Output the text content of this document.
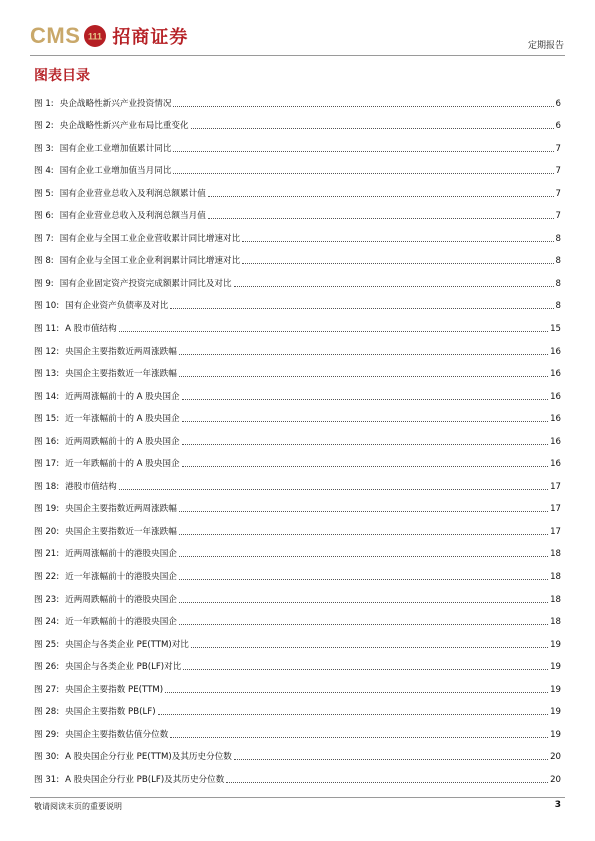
CMS 111 招商证券	定期报告
图表目录
图 1: 央企战略性新兴产业投资情况	6
图 2: 央企战略性新兴产业布局比重变化	6
图 3: 国有企业工业增加值累计同比	7
图 4: 国有企业工业增加值当月同比	7
图 5: 国有企业营业总收入及利润总额累计值	7
图 6: 国有企业营业总收入及利润总额当月值	7
图 7: 国有企业与全国工业企业营收累计同比增速对比	8
图 8: 国有企业与全国工业企业利润累计同比增速对比	8
图 9: 国有企业固定资产投资完成额累计同比及对比	8
图 10: 国有企业资产负债率及对比	8
图 11: A 股市值结构	15
图 12: 央国企主要指数近两周涨跌幅	16
图 13: 央国企主要指数近一年涨跌幅	16
图 14: 近两周涨幅前十的 A 股央国企	16
图 15: 近一年涨幅前十的 A 股央国企	16
图 16: 近两周跌幅前十的 A 股央国企	16
图 17: 近一年跌幅前十的 A 股央国企	16
图 18: 港股市值结构	17
图 19: 央国企主要指数近两周涨跌幅	17
图 20: 央国企主要指数近一年涨跌幅	17
图 21: 近两周涨幅前十的港股央国企	18
图 22: 近一年涨幅前十的港股央国企	18
图 23: 近两周跌幅前十的港股央国企	18
图 24: 近一年跌幅前十的港股央国企	18
图 25: 央国企与各类企业 PE(TTM)对比	19
图 26: 央国企与各类企业 PB(LF)对比	19
图 27: 央国企主要指数 PE(TTM)	19
图 28: 央国企主要指数 PB(LF)	19
图 29: 央国企主要指数估值分位数	19
图 30: A 股央国企分行业 PE(TTM)及其历史分位数	20
图 31: A 股央国企分行业 PB(LF)及其历史分位数	20
敬请阅读末页的重要说明	3
